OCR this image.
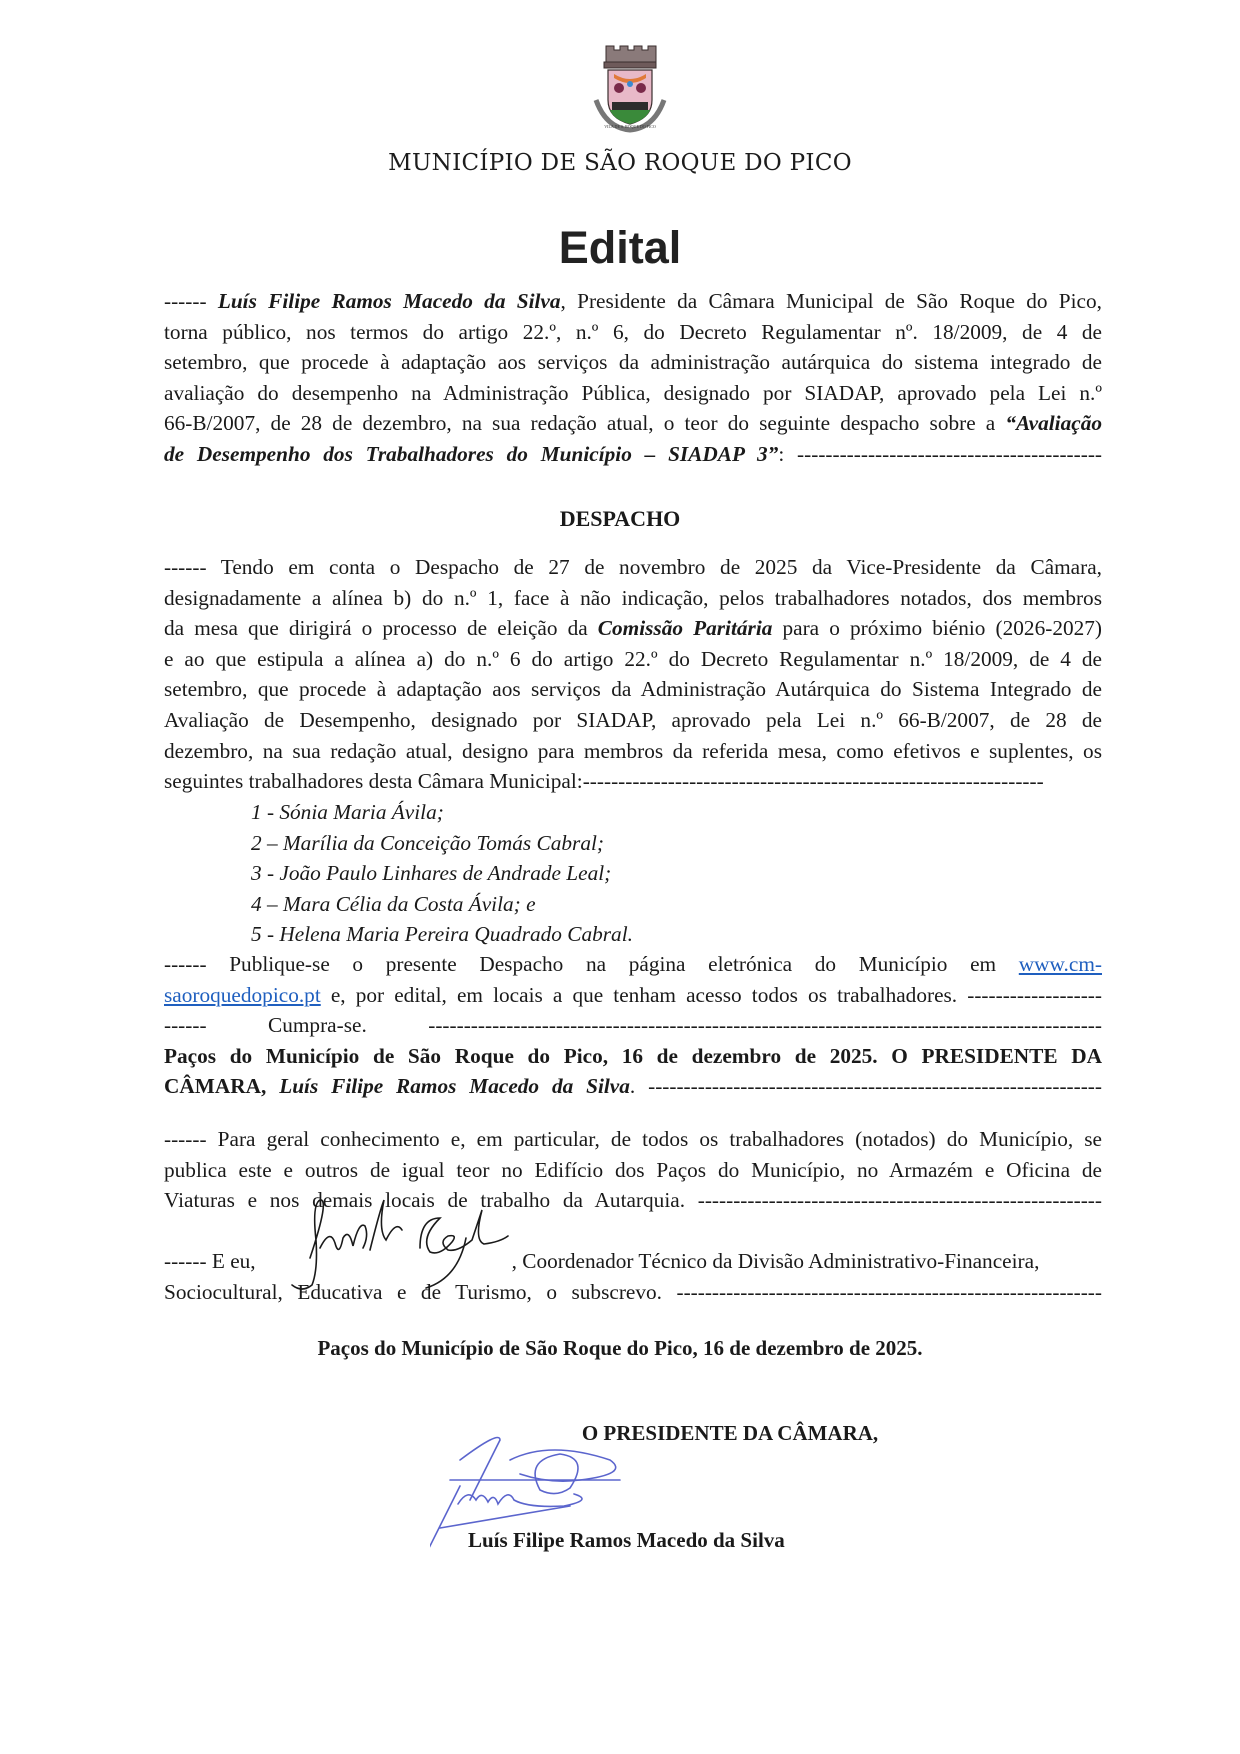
VILA DE S. ROQUE DO PICO
MUNICÍPIO DE SÃO ROQUE DO PICO
Edital
------ Luís Filipe Ramos Macedo da Silva, Presidente da Câmara Municipal de São Roque do Pico,
torna público, nos termos do artigo 22.º, n.º 6, do Decreto Regulamentar nº. 18/2009, de 4 de
setembro, que procede à adaptação aos serviços da administração autárquica do sistema integrado de
avaliação do desempenho na Administração Pública, designado por SIADAP, aprovado pela Lei n.º
66-B/2007, de 28 de dezembro, na sua redação atual, o teor do seguinte despacho sobre a “Avaliação
de Desempenho dos Trabalhadores do Município – SIADAP 3”: -------------------------------------------
DESPACHO
------ Tendo em conta o Despacho de 27 de novembro de 2025 da Vice-Presidente da Câmara,
designadamente a alínea b) do n.º 1, face à não indicação, pelos trabalhadores notados, dos membros
da mesa que dirigirá o processo de eleição da Comissão Paritária para o próximo biénio (2026-2027)
e ao que estipula a alínea a) do n.º 6 do artigo 22.º do Decreto Regulamentar n.º 18/2009, de 4 de
setembro, que procede à adaptação aos serviços da Administração Autárquica do Sistema Integrado de
Avaliação de Desempenho, designado por SIADAP, aprovado pela Lei n.º 66-B/2007, de 28 de
dezembro, na sua redação atual, designo para membros da referida mesa, como efetivos e suplentes, os
seguintes trabalhadores desta Câmara Municipal:-----------------------------------------------------------------
1 - Sónia Maria Ávila;
2 – Marília da Conceição Tomás Cabral;
3 - João Paulo Linhares de Andrade Leal;
4 – Mara Célia da Costa Ávila; e
5 - Helena Maria Pereira Quadrado Cabral.
------ Publique-se o presente Despacho na página eletrónica do Município em www.cm-
saoroquedopico.pt e, por edital, em locais a que tenham acesso todos os trabalhadores. -------------------
------ Cumpra-se. -----------------------------------------------------------------------------------------------
Paços do Município de São Roque do Pico, 16 de dezembro de 2025. O PRESIDENTE DA
CÂMARA, Luís Filipe Ramos Macedo da Silva. ----------------------------------------------------------------
------ Para geral conhecimento e, em particular, de todos os trabalhadores (notados) do Município, se
publica este e outros de igual teor no Edifício dos Paços do Município, no Armazém e Oficina de
Viaturas e nos demais locais de trabalho da Autarquia. ---------------------------------------------------------
------ E eu,	, Coordenador Técnico da Divisão Administrativo-Financeira,
Sociocultural, Educativa e de Turismo, o subscrevo. ------------------------------------------------------------
Paços do Município de São Roque do Pico, 16 de dezembro de 2025.
O PRESIDENTE DA CÂMARA,
Luís Filipe Ramos Macedo da Silva
